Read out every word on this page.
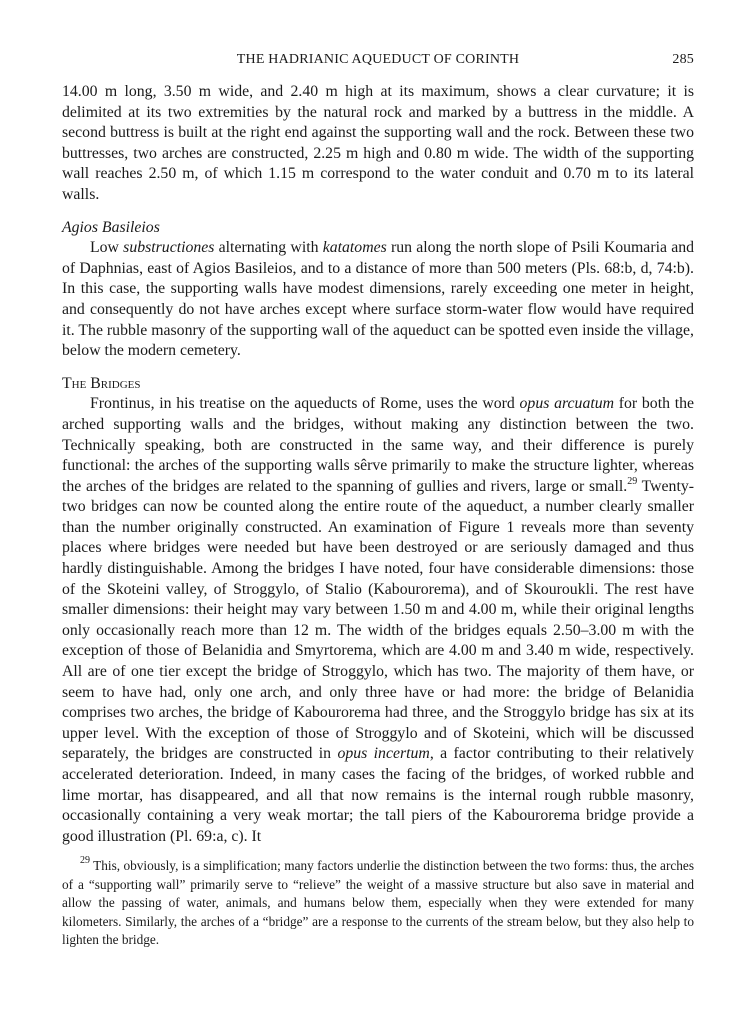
THE HADRIANIC AQUEDUCT OF CORINTH	285

14.00 m long, 3.50 m wide, and 2.40 m high at its maximum, shows a clear curvature; it is delimited at its two extremities by the natural rock and marked by a buttress in the middle. A second buttress is built at the right end against the supporting wall and the rock. Between these two buttresses, two arches are constructed, 2.25 m high and 0.80 m wide. The width of the supporting wall reaches 2.50 m, of which 1.15 m correspond to the water conduit and 0.70 m to its lateral walls.

Agios Basileios

Low substructiones alternating with katatomes run along the north slope of Psili Koumaria and of Daphnias, east of Agios Basileios, and to a distance of more than 500 meters (Pls. 68:b, d, 74:b). In this case, the supporting walls have modest dimensions, rarely exceeding one meter in height, and consequently do not have arches except where surface storm-water flow would have required it. The rubble masonry of the supporting wall of the aqueduct can be spotted even inside the village, below the modern cemetery.

The Bridges

Frontinus, in his treatise on the aqueducts of Rome, uses the word opus arcuatum for both the arched supporting walls and the bridges, without making any distinction between the two. Technically speaking, both are constructed in the same way, and their difference is purely functional: the arches of the supporting walls sêrve primarily to make the structure lighter, whereas the arches of the bridges are related to the spanning of gullies and rivers, large or small.$^{29}$ Twenty-two bridges can now be counted along the entire route of the aqueduct, a number clearly smaller than the number originally constructed. An examination of Figure 1 reveals more than seventy places where bridges were needed but have been destroyed or are seriously damaged and thus hardly distinguishable. Among the bridges I have noted, four have considerable dimensions: those of the Skoteini valley, of Stroggylo, of Stalio (Kabourorema), and of Skouroukli. The rest have smaller dimensions: their height may vary between 1.50 m and 4.00 m, while their original lengths only occasionally reach more than 12 m. The width of the bridges equals 2.50–3.00 m with the exception of those of Belanidia and Smyrtorema, which are 4.00 m and 3.40 m wide, respectively. All are of one tier except the bridge of Stroggylo, which has two. The majority of them have, or seem to have had, only one arch, and only three have or had more: the bridge of Belanidia comprises two arches, the bridge of Kabourorema had three, and the Stroggylo bridge has six at its upper level. With the exception of those of Stroggylo and of Skoteini, which will be discussed separately, the bridges are constructed in opus incertum, a factor contributing to their relatively accelerated deterioration. Indeed, in many cases the facing of the bridges, of worked rubble and lime mortar, has disappeared, and all that now remains is the internal rough rubble masonry, occasionally containing a very weak mortar; the tall piers of the Kabourorema bridge provide a good illustration (Pl. 69:a, c). It

$^{29}$ This, obviously, is a simplification; many factors underlie the distinction between the two forms: thus, the arches of a “supporting wall” primarily serve to “relieve” the weight of a massive structure but also save in material and allow the passing of water, animals, and humans below them, especially when they were extended for many kilometers. Similarly, the arches of a “bridge” are a response to the currents of the stream below, but they also help to lighten the bridge.
